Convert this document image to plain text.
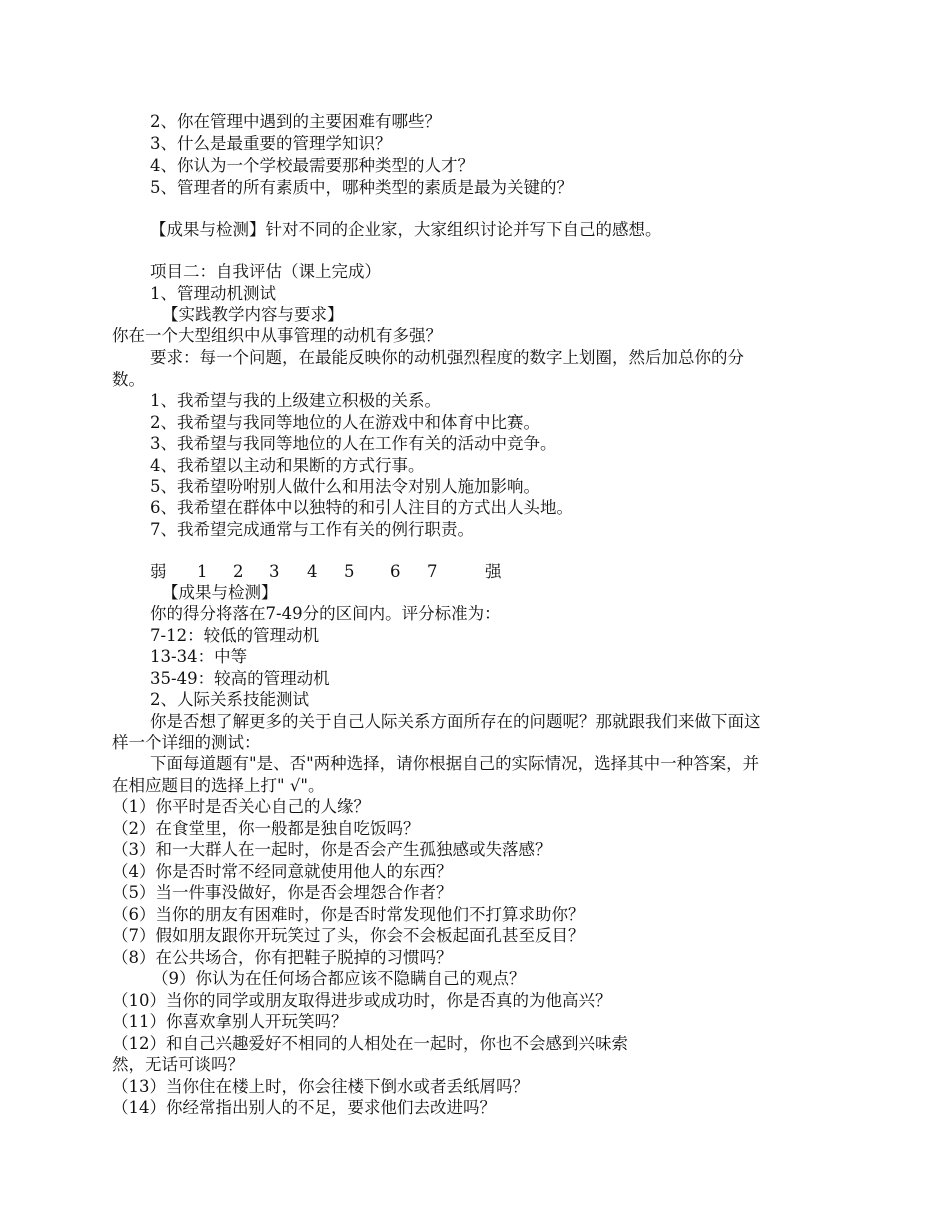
2、你在管理中遇到的主要困难有哪些？
3、什么是最重要的管理学知识？
4、你认为一个学校最需要那种类型的人才？
5、管理者的所有素质中，哪种类型的素质是最为关键的？
【成果与检测】针对不同的企业家，大家组织讨论并写下自己的感想。
项目二：自我评估（课上完成）
1、管理动机测试
【实践教学内容与要求】
你在一个大型组织中从事管理的动机有多强？
要求：每一个问题，在最能反映你的动机强烈程度的数字上划圈，然后加总你的分
数。
1、我希望与我的上级建立积极的关系。
2、我希望与我同等地位的人在游戏中和体育中比赛。
3、我希望与我同等地位的人在工作有关的活动中竞争。
4、我希望以主动和果断的方式行事。
5、我希望吩咐别人做什么和用法令对别人施加影响。
6、我希望在群体中以独特的和引人注目的方式出人头地。
7、我希望完成通常与工作有关的例行职责。
弱 1 2 3 4 5 6 7	强
【成果与检测】
你的得分将落在7-49分的区间内。评分标准为：
7-12：较低的管理动机
13-34：中等
35-49：较高的管理动机
2、人际关系技能测试
你是否想了解更多的关于自己人际关系方面所存在的问题呢？那就跟我们来做下面这
样一个详细的测试：
下面每道题有"是、否"两种选择，请你根据自己的实际情况，选择其中一种答案，并
在相应题目的选择上打" √"。
（1）你平时是否关心自己的人缘？
（2）在食堂里，你一般都是独自吃饭吗？
（3）和一大群人在一起时，你是否会产生孤独感或失落感？
（4）你是否时常不经同意就使用他人的东西？
（5）当一件事没做好，你是否会埋怨合作者？
（6）当你的朋友有困难时，你是否时常发现他们不打算求助你？
（7）假如朋友跟你开玩笑过了头，你会不会板起面孔甚至反目？
（8）在公共场合，你有把鞋子脱掉的习惯吗？
（9）你认为在任何场合都应该不隐瞒自己的观点？
（10）当你的同学或朋友取得进步或成功时，你是否真的为他高兴？
（11）你喜欢拿别人开玩笑吗？
（12）和自己兴趣爱好不相同的人相处在一起时，你也不会感到兴味索
然，无话可谈吗？
（13）当你住在楼上时，你会往楼下倒水或者丢纸屑吗？
（14）你经常指出别人的不足，要求他们去改进吗？
